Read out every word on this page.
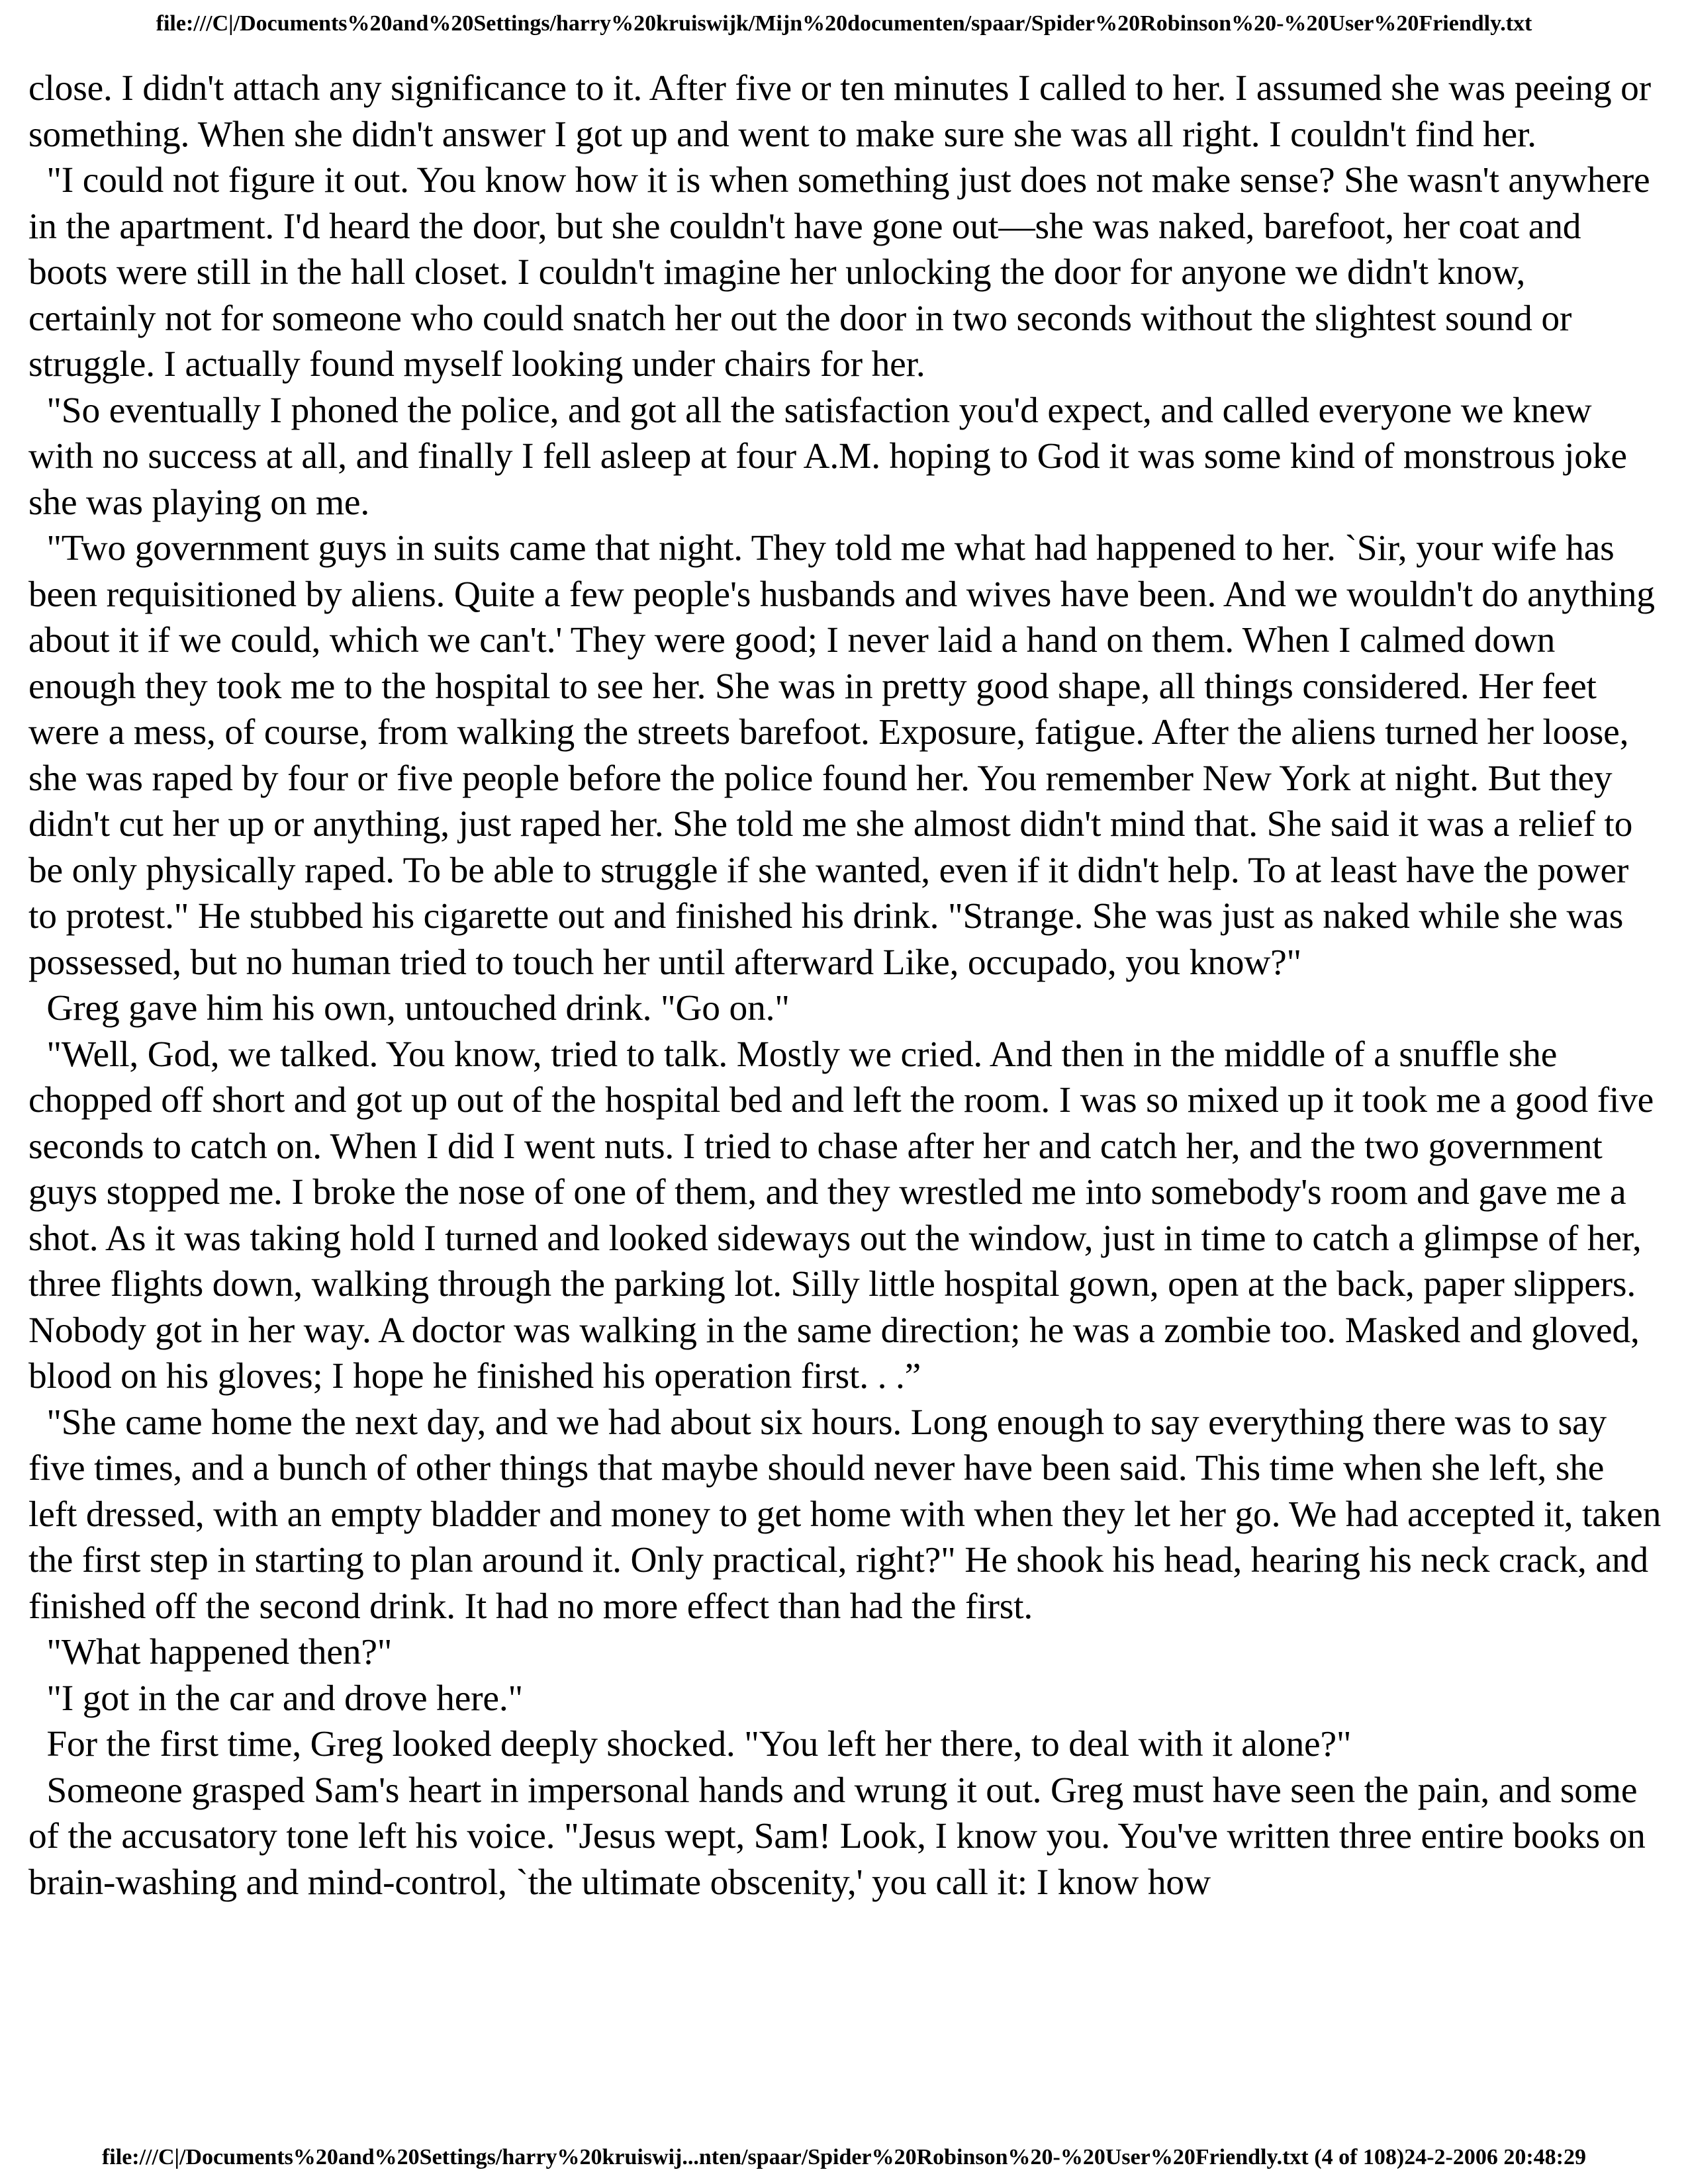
file:///C|/Documents%20and%20Settings/harry%20kruiswijk/Mijn%20documenten/spaar/Spider%20Robinson%20-%20User%20Friendly.txt

close. I didn't attach any significance to it. After five or ten minutes I called to her. I assumed she was peeing or something. When she didn't answer I got up and went to make sure she was all right. I couldn't find her.

"I could not figure it out. You know how it is when something just does not make sense? She wasn't anywhere in the apartment. I'd heard the door, but she couldn't have gone out—she was naked, barefoot, her coat and boots were still in the hall closet. I couldn't imagine her unlocking the door for anyone we didn't know, certainly not for someone who could snatch her out the door in two seconds without the slightest sound or struggle. I actually found myself looking under chairs for her.

"So eventually I phoned the police, and got all the satisfaction you'd expect, and called everyone we knew with no success at all, and finally I fell asleep at four A.M. hoping to God it was some kind of monstrous joke she was playing on me.

"Two government guys in suits came that night. They told me what had happened to her. `Sir, your wife has been requisitioned by aliens. Quite a few people's husbands and wives have been. And we wouldn't do anything about it if we could, which we can't.' They were good; I never laid a hand on them. When I calmed down enough they took me to the hospital to see her. She was in pretty good shape, all things considered. Her feet were a mess, of course, from walking the streets barefoot. Exposure, fatigue. After the aliens turned her loose, she was raped by four or five people before the police found her. You remember New York at night. But they didn't cut her up or anything, just raped her. She told me she almost didn't mind that. She said it was a relief to be only physically raped. To be able to struggle if she wanted, even if it didn't help. To at least have the power to protest." He stubbed his cigarette out and finished his drink. "Strange. She was just as naked while she was possessed, but no human tried to touch her until afterward Like, occupado, you know?"

Greg gave him his own, untouched drink. "Go on."

"Well, God, we talked. You know, tried to talk. Mostly we cried. And then in the middle of a snuffle she chopped off short and got up out of the hospital bed and left the room. I was so mixed up it took me a good five seconds to catch on. When I did I went nuts. I tried to chase after her and catch her, and the two government guys stopped me. I broke the nose of one of them, and they wrestled me into somebody's room and gave me a shot. As it was taking hold I turned and looked sideways out the window, just in time to catch a glimpse of her, three flights down, walking through the parking lot. Silly little hospital gown, open at the back, paper slippers. Nobody got in her way. A doctor was walking in the same direction; he was a zombie too. Masked and gloved, blood on his gloves; I hope he finished his operation first. . .”

"She came home the next day, and we had about six hours. Long enough to say everything there was to say five times, and a bunch of other things that maybe should never have been said. This time when she left, she left dressed, with an empty bladder and money to get home with when they let her go. We had accepted it, taken the first step in starting to plan around it. Only practical, right?" He shook his head, hearing his neck crack, and finished off the second drink. It had no more effect than had the first.

"What happened then?"

"I got in the car and drove here."

For the first time, Greg looked deeply shocked. "You left her there, to deal with it alone?"

Someone grasped Sam's heart in impersonal hands and wrung it out. Greg must have seen the pain, and some of the accusatory tone left his voice. "Jesus wept, Sam! Look, I know you. You've written three entire books on brain-washing and mind-control, `the ultimate obscenity,' you call it: I know how

file:///C|/Documents%20and%20Settings/harry%20kruiswij...nten/spaar/Spider%20Robinson%20-%20User%20Friendly.txt (4 of 108)24-2-2006 20:48:29
